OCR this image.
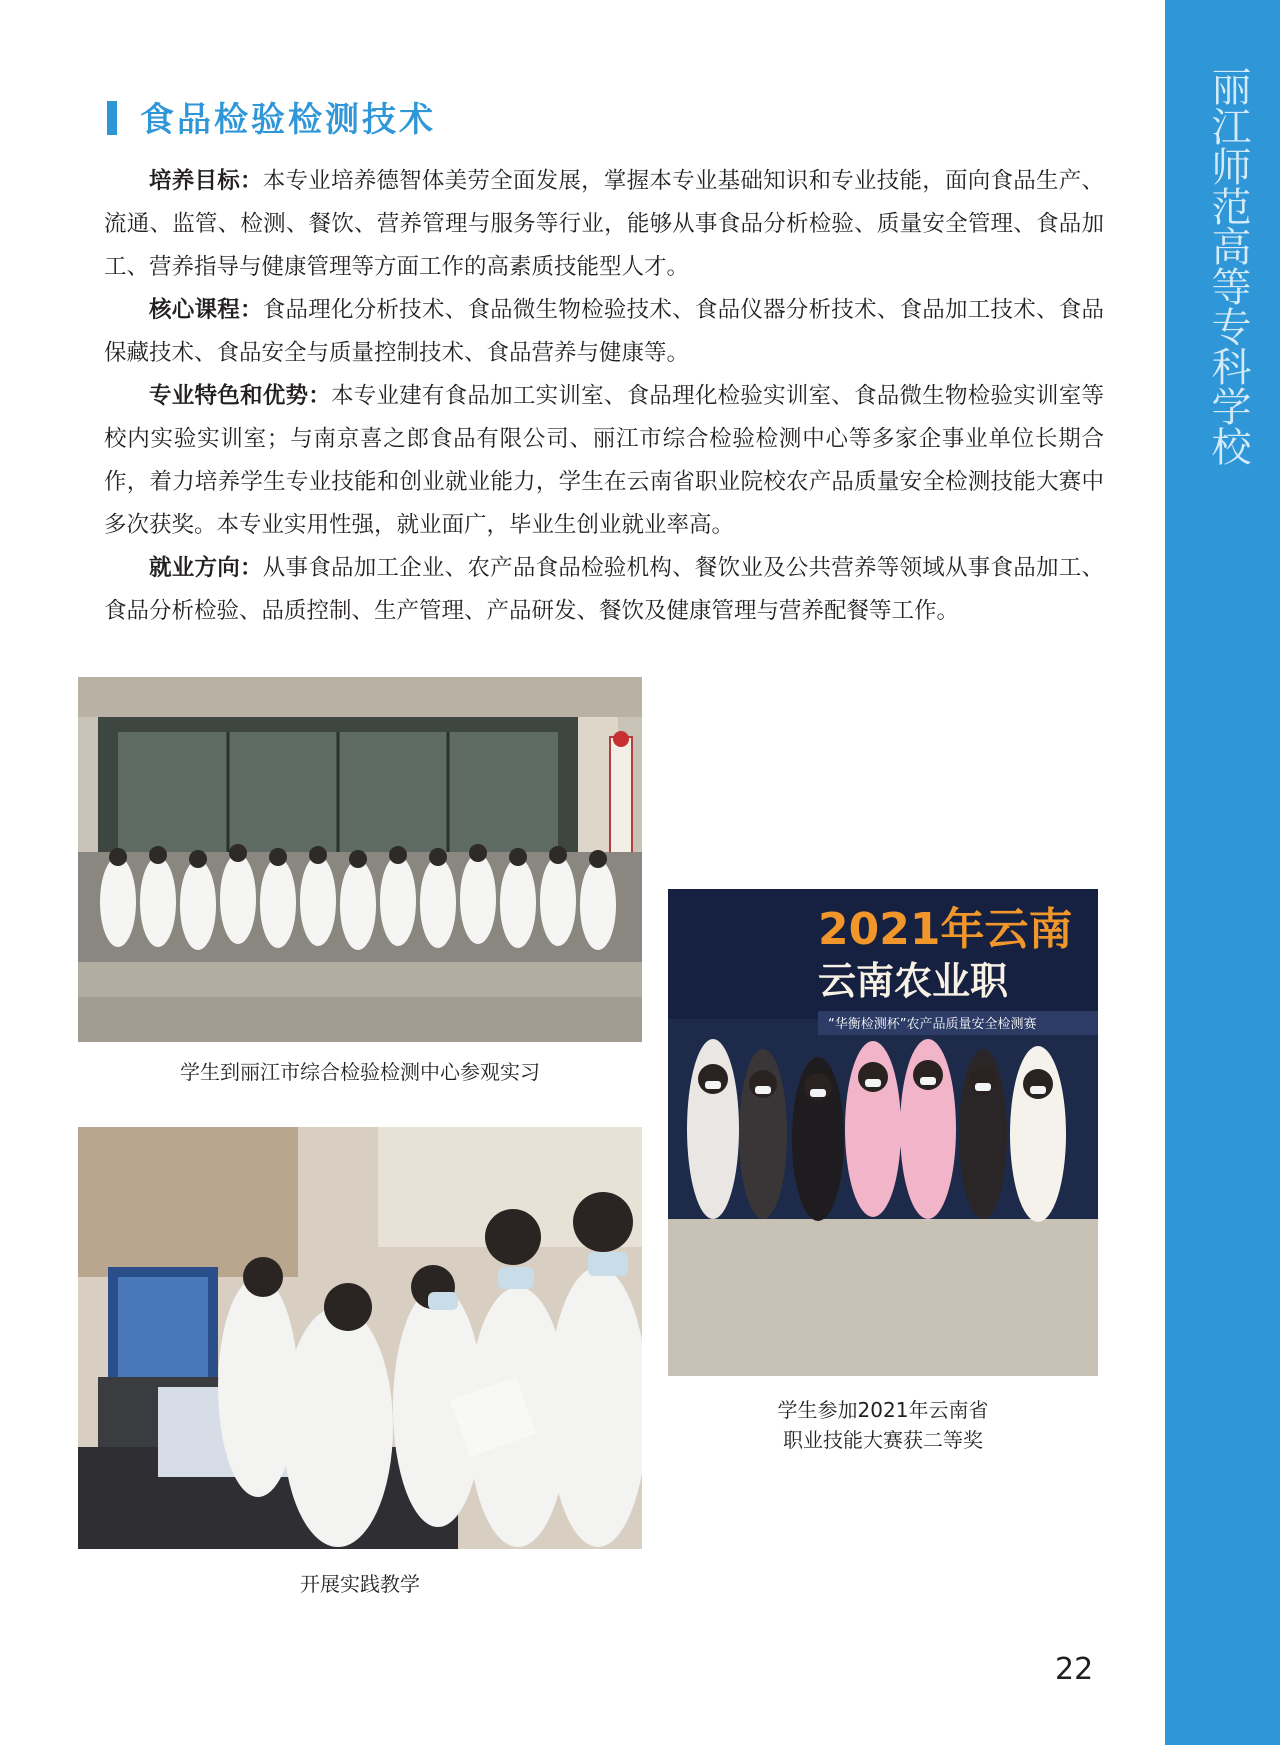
丽江师范高等专科学校
食品检验检测技术

培养目标：本专业培养德智体美劳全面发展，掌握本专业基础知识和专业技能，面向食品生产、流通、监管、检测、餐饮、营养管理与服务等行业，能够从事食品分析检验、质量安全管理、食品加工、营养指导与健康管理等方面工作的高素质技能型人才。

核心课程：食品理化分析技术、食品微生物检验技术、食品仪器分析技术、食品加工技术、食品保藏技术、食品安全与质量控制技术、食品营养与健康等。

专业特色和优势：本专业建有食品加工实训室、食品理化检验实训室、食品微生物检验实训室等校内实验实训室；与南京喜之郎食品有限公司、丽江市综合检验检测中心等多家企事业单位长期合作，着力培养学生专业技能和创业就业能力，学生在云南省职业院校农产品质量安全检测技能大赛中多次获奖。本专业实用性强，就业面广，毕业生创业就业率高。

就业方向：从事食品加工企业、农产品食品检验机构、餐饮业及公共营养等领域从事食品加工、食品分析检验、品质控制、生产管理、产品研发、餐饮及健康管理与营养配餐等工作。

学生到丽江市综合检验检测中心参观实习
开展实践教学
2021年云南
云南农业职
“华衡检测杯”农产品质量安全检测赛
学生参加2021年云南省
职业技能大赛获二等奖
22
